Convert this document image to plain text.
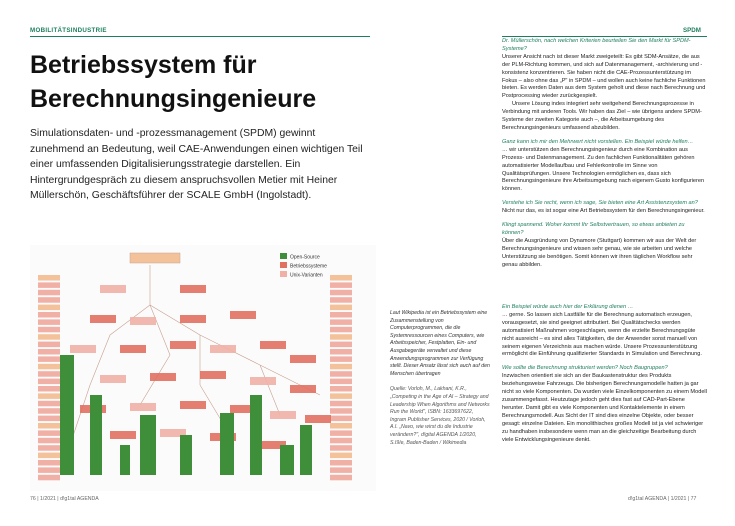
MOBILITÄTSINDUSTRIE	SPDM
Betriebssystem für Berechnungsingenieure

Simulationsdaten- und -prozessmanagement (SPDM) gewinnt zunehmend an Bedeutung, weil CAE-Anwendungen einen wichtigen Teil einer umfassenden Digitalisierungsstrategie darstellen. Ein Hintergrundgespräch zu diesem anspruchsvollen Metier mit Heiner Müllerschön, Geschäftsführer der SCALE GmbH (Ingolstadt).

Open-Source
Betriebssysteme
Unix-Varianten
Laut Wikipedia ist ein Betriebssystem eine Zusammenstellung von Computerprogrammen, die die Systemressourcen eines Computers, wie Arbeitsspeicher, Festplatten, Ein- und Ausgabegeräte verwaltet und diese Anwendungsprogrammen zur Verfügung stellt. Dieser Ansatz lässt sich auch auf den Menschen übertragen
Quelle: Vorloh, M., Lakhani, K.R., „Competing in the Age of AI – Strategy and Leadership When Algorithms and Networks Run the World", ISBN: 1633697622, Ingram Publisher Services, 2020 / Vorloh, A.I. „Navo, wie wirst du die Industrie verändern?", d!gital AGENDA 1/2020, S.I9/e, Baden-Baden / Wikimedia

Dr. Müllerschön, nach welchen Kriterien beurteilen Sie den Markt für SPDM-Systeme?

Unserer Ansicht nach ist dieser Markt zweigeteilt: Es gibt SDM-Ansätze, die aus der PLM-Richtung kommen, und sich auf Datenmanagement, -archivierung und -konsistenz konzentrieren. Sie haben nicht die CAE-Prozessunterstützung im Fokus – also ohne das „P" in SPDM – und wollen auch keine fachliche Funktionen bieten. Es werden Daten aus dem System geholt und diese nach Berechnung und Postprocessing wieder zurückgespielt.

Unsere Lösung indes integriert sehr weitgehend Berechnungsprozesse in Verbindung mit anderen Tools. Wir haben das Ziel – wie übrigens andere SPDM-Systeme der zweiten Kategorie auch –, die Arbeitsumgebung des Berechnungsingenieurs umfassend abzubilden.

Ganz kann ich mir den Mehrwert nicht vorstellen. Ein Beispiel würde helfen…

… wir unterstützen den Berechnungsingenieur durch eine Kombination aus Prozess- und Datenmanagement. Zu den fachlichen Funktionalitäten gehören automatisierter Modellaufbau und Fehlerkontrolle im Sinne von Qualitätsprüfungen. Unsere Technologien ermöglichen es, dass sich Berechnungsingenieure ihre Arbeitsumgebung nach eigenem Gusto konfigurieren können.

Verstehe ich Sie recht, wenn ich sage, Sie bieten eine Art Assistenzsystem an?

Nicht nur das, es ist sogar eine Art Betriebssystem für den Berechnungsingenieur.

Klingt spannend. Woher kommt Ihr Selbstvertrauen, so etwas anbieten zu können?

Über die Ausgründung von Dynamore (Stuttgart) kommen wir aus der Welt der Berechnungsingenieure und wissen sehr genau, wie sie arbeiten und welche Unterstützung sie benötigen. Somit können wir ihren täglichen Workflow sehr genau abbilden.

Ein Beispiel würde auch hier der Erklärung dienen …

… gerne. So lassen sich Lastfälle für die Berechnung automatisch erzeugen, vorausgesetzt, sie sind geeignet attributiert. Bei Qualitätschecks werden automatisiert Maßnahmen vorgeschlagen, wenn die erzielte Berechnungsgüte nicht ausreicht – es sind alles Tätigkeiten, die der Anwender sonst manuell von seinem eigenen Verzeichnis aus machen würde. Unsere Prozessunterstützung ermöglicht die Einführung qualifizierter Standards in Simulation und Berechnung.

Wie sollte die Berechnung strukturiert werden? Noch Baugruppen?

Inzwischen orientiert sie sich an der Baukastenstruktur des Produkts beziehungsweise Fahrzeugs. Die bisherigen Berechnungsmodelle hatten ja gar nicht so viele Komponenten. Da wurden viele Einzelkomponenten zu einem Modell zusammengefasst. Heutzutage jedoch geht dies fast auf CAD-Part-Ebene herunter. Damit gibt es viele Komponenten und Kontaktelemente in einem Berechnungsmodell. Aus Sicht der IT sind dies einzelne Objekte, oder besser gesagt: einzelne Dateien. Ein monolithisches großes Modell ist ja viel schwieriger zu handhaben insbesondere wenn man an die gleichzeitige Bearbeitung durch viele Entwicklungsingenieure denkt.

76 | 1/2021 | d!g1tal AGENDA	d!g1tal AGENDA | 1/2021 | 77
